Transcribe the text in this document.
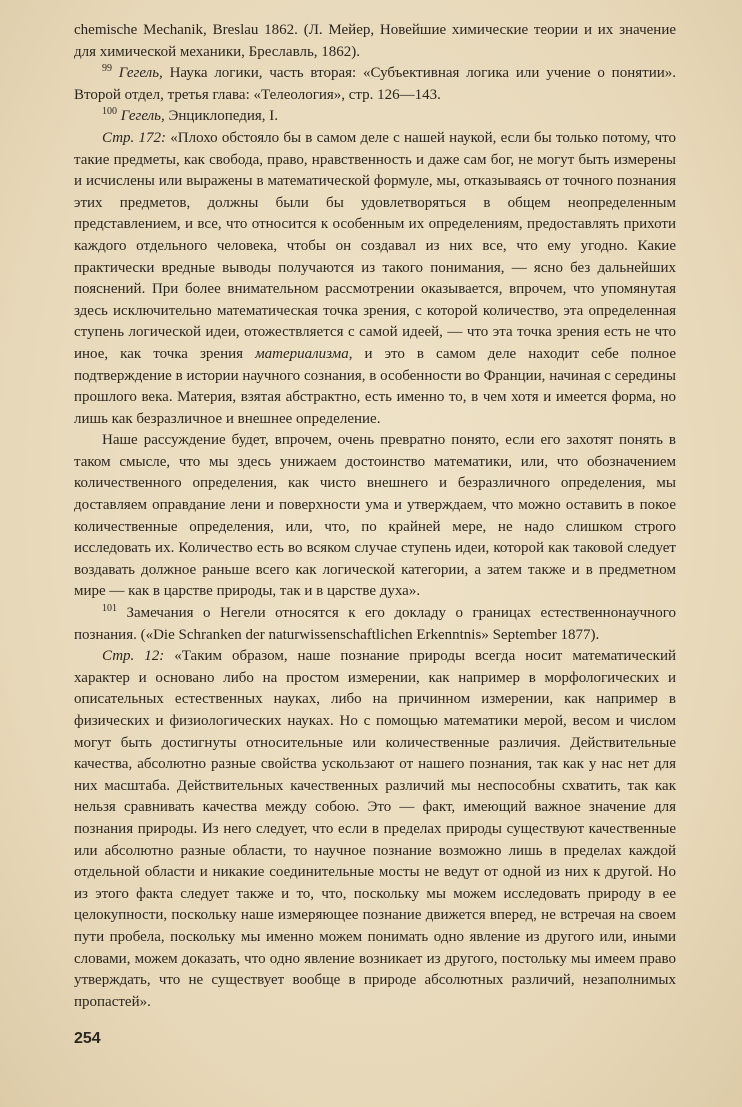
chemische Mechanik, Breslau 1862. (Л. Мейер, Новейшие химические теории и их значение для химической механики, Бреславль, 1862).

$^{99}$ Гегель, Наука логики, часть вторая: «Субъективная логика или учение о понятии». Второй отдел, третья глава: «Телеология», стр. 126—143.

$^{100}$ Гегель, Энциклопедия, I.

Стр. 172: «Плохо обстояло бы в самом деле с нашей наукой, если бы только потому, что такие предметы, как свобода, право, нравственность и даже сам бог, не могут быть измерены и исчислены или выражены в математической формуле, мы, отказываясь от точного познания этих предметов, должны были бы удовлетворяться в общем неопределенным представлением, и все, что относится к особенным их определениям, предоставлять прихоти каждого отдельного человека, чтобы он создавал из них все, что ему угодно. Какие практически вредные выводы получаются из такого понимания, — ясно без дальнейших пояснений. При более внимательном рассмотрении оказывается, впрочем, что упомянутая здесь исключительно математическая точка зрения, с которой количество, эта определенная ступень логической идеи, отожествляется с самой идеей, — что эта точка зрения есть не что иное, как точка зрения материализма, и это в самом деле находит себе полное подтверждение в истории научного сознания, в особенности во Франции, начиная с середины прошлого века. Материя, взятая абстрактно, есть именно то, в чем хотя и имеется форма, но лишь как безразличное и внешнее определение.

Наше рассуждение будет, впрочем, очень превратно понято, если его захотят понять в таком смысле, что мы здесь унижаем достоинство математики, или, что обозначением количественного определения, как чисто внешнего и безразличного определения, мы доставляем оправдание лени и поверхности ума и утверждаем, что можно оставить в покое количественные определения, или, что, по крайней мере, не надо слишком строго исследовать их. Количество есть во всяком случае ступень идеи, которой как таковой следует воздавать должное раньше всего как логической категории, а затем также и в предметном мире — как в царстве природы, так и в царстве духа».

$^{101}$ Замечания о Негели относятся к его докладу о границах естественнонаучного познания. («Die Schranken der naturwissenschaftlichen Erkenntnis» September 1877).

Стр. 12: «Таким образом, наше познание природы всегда носит математический характер и основано либо на простом измерении, как например в морфологических и описательных естественных науках, либо на причинном измерении, как например в физических и физиологических науках. Но с помощью математики мерой, весом и числом могут быть достигнуты относительные или количественные различия. Действительные качества, абсолютно разные свойства ускользают от нашего познания, так как у нас нет для них масштаба. Действительных качественных различий мы неспособны схватить, так как нельзя сравнивать качества между собою. Это — факт, имеющий важное значение для познания природы. Из него следует, что если в пределах природы существуют качественные или абсолютно разные области, то научное познание возможно лишь в пределах каждой отдельной области и никакие соединительные мосты не ведут от одной из них к другой. Но из этого факта следует также и то, что, поскольку мы можем исследовать природу в ее целокупности, поскольку наше измеряющее познание движется вперед, не встречая на своем пути пробела, поскольку мы именно можем понимать одно явление из другого или, иными словами, можем доказать, что одно явление возникает из другого, постольку мы имеем право утверждать, что не существует вообще в природе абсолютных различий, незаполнимых пропастей».

254
